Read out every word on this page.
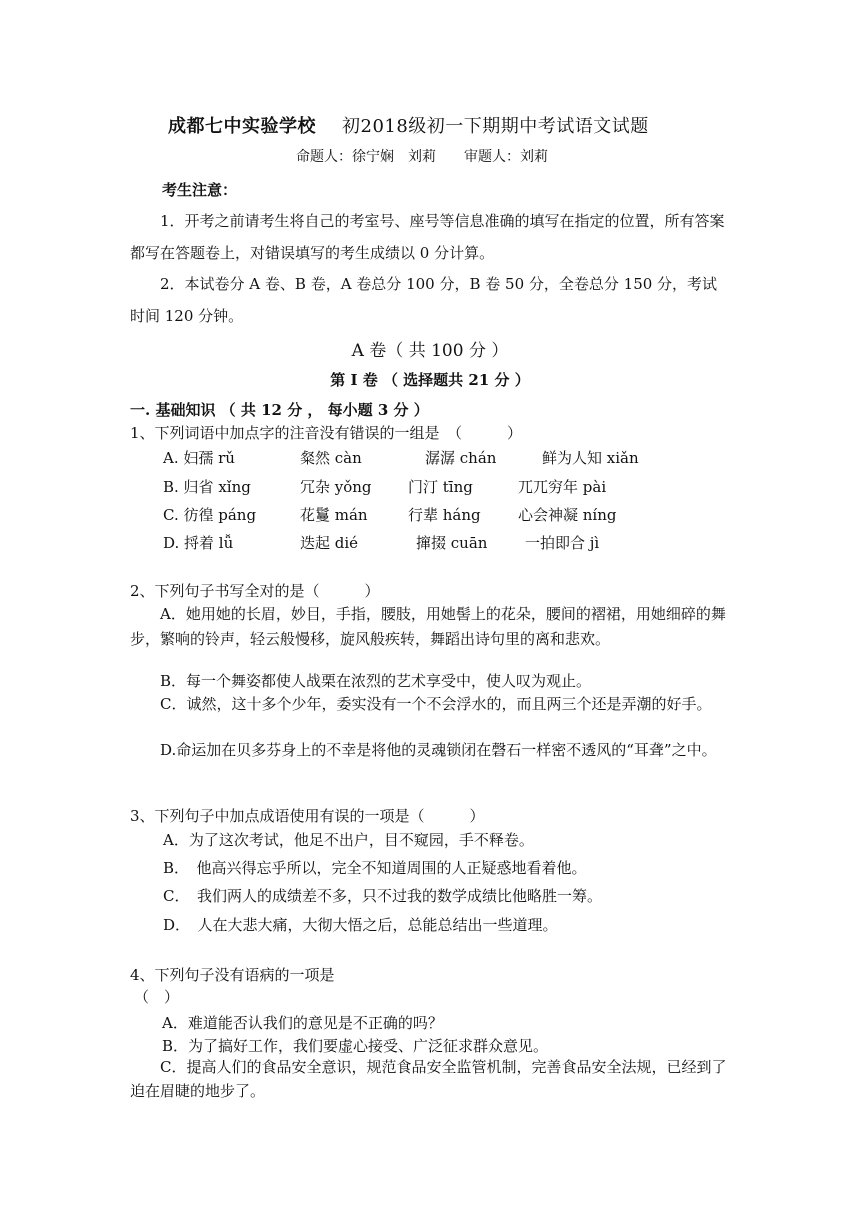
成都七中实验学校 初2018级初一下期期中考试语文试题
命题人：徐宁娴　刘莉　　审题人：刘莉
考生注意：
1．开考之前请考生将自己的考室号、座号等信息准确的填写在指定的位置，所有答案都写在答题卷上，对错误填写的考生成绩以 0 分计算。
2．本试卷分 A 卷、B 卷，A 卷总分 100 分，B 卷 50 分，全卷总分 150 分，考试时间 120 分钟。
A 卷（ 共 100 分 ）
第 Ⅰ 卷 （ 选择题共 21 分 ）
一. 基础知识 （ 共 12 分 ， 每小题 3 分 ）
1、下列词语中加点字的注音没有错误的一组是　（　　　）
A. 妇孺 rǔ	粲然 càn	潺潺 chán	鲜为人知 xiǎn
B. 归省 xǐng	冗杂 yǒng 门汀 tīng	兀兀穷年 pài
C. 彷徨 páng	花鬘 mán	行辈 háng 心会神凝 níng
D. 捋着 lǚ	迭起 dié	撺掇 cuān	一拍即合 jì
2、下列句子书写全对的是（　　　）
A．她用她的长眉，妙目，手指，腰肢，用她髻上的花朵，腰间的褶裙，用她细碎的舞步，繁响的铃声，轻云般慢移，旋风般疾转，舞蹈出诗句里的离和悲欢。
B．每一个舞姿都使人战栗在浓烈的艺术享受中，使人叹为观止。
C．诚然，这十多个少年，委实没有一个不会浮水的，而且两三个还是弄潮的好手。
D.命运加在贝多芬身上的不幸是将他的灵魂锁闭在磬石一样密不透风的“耳聋”之中。
3、下列句子中加点成语使用有误的一项是（　　　）
A．为了这次考试，他足不出户，目不窥园，手不释卷。
B．　他高兴得忘乎所以，完全不知道周围的人正疑惑地看着他。
C．　我们两人的成绩差不多，只不过我的数学成绩比他略胜一筹。
D．　人在大悲大痛，大彻大悟之后，总能总结出一些道理。
4、下列句子没有语病的一项是
（　）
A．难道能否认我们的意见是不正确的吗？
B．为了搞好工作，我们要虚心接受、广泛征求群众意见。
C．提高人们的食品安全意识，规范食品安全监管机制，完善食品安全法规，已经到了迫在眉睫的地步了。
